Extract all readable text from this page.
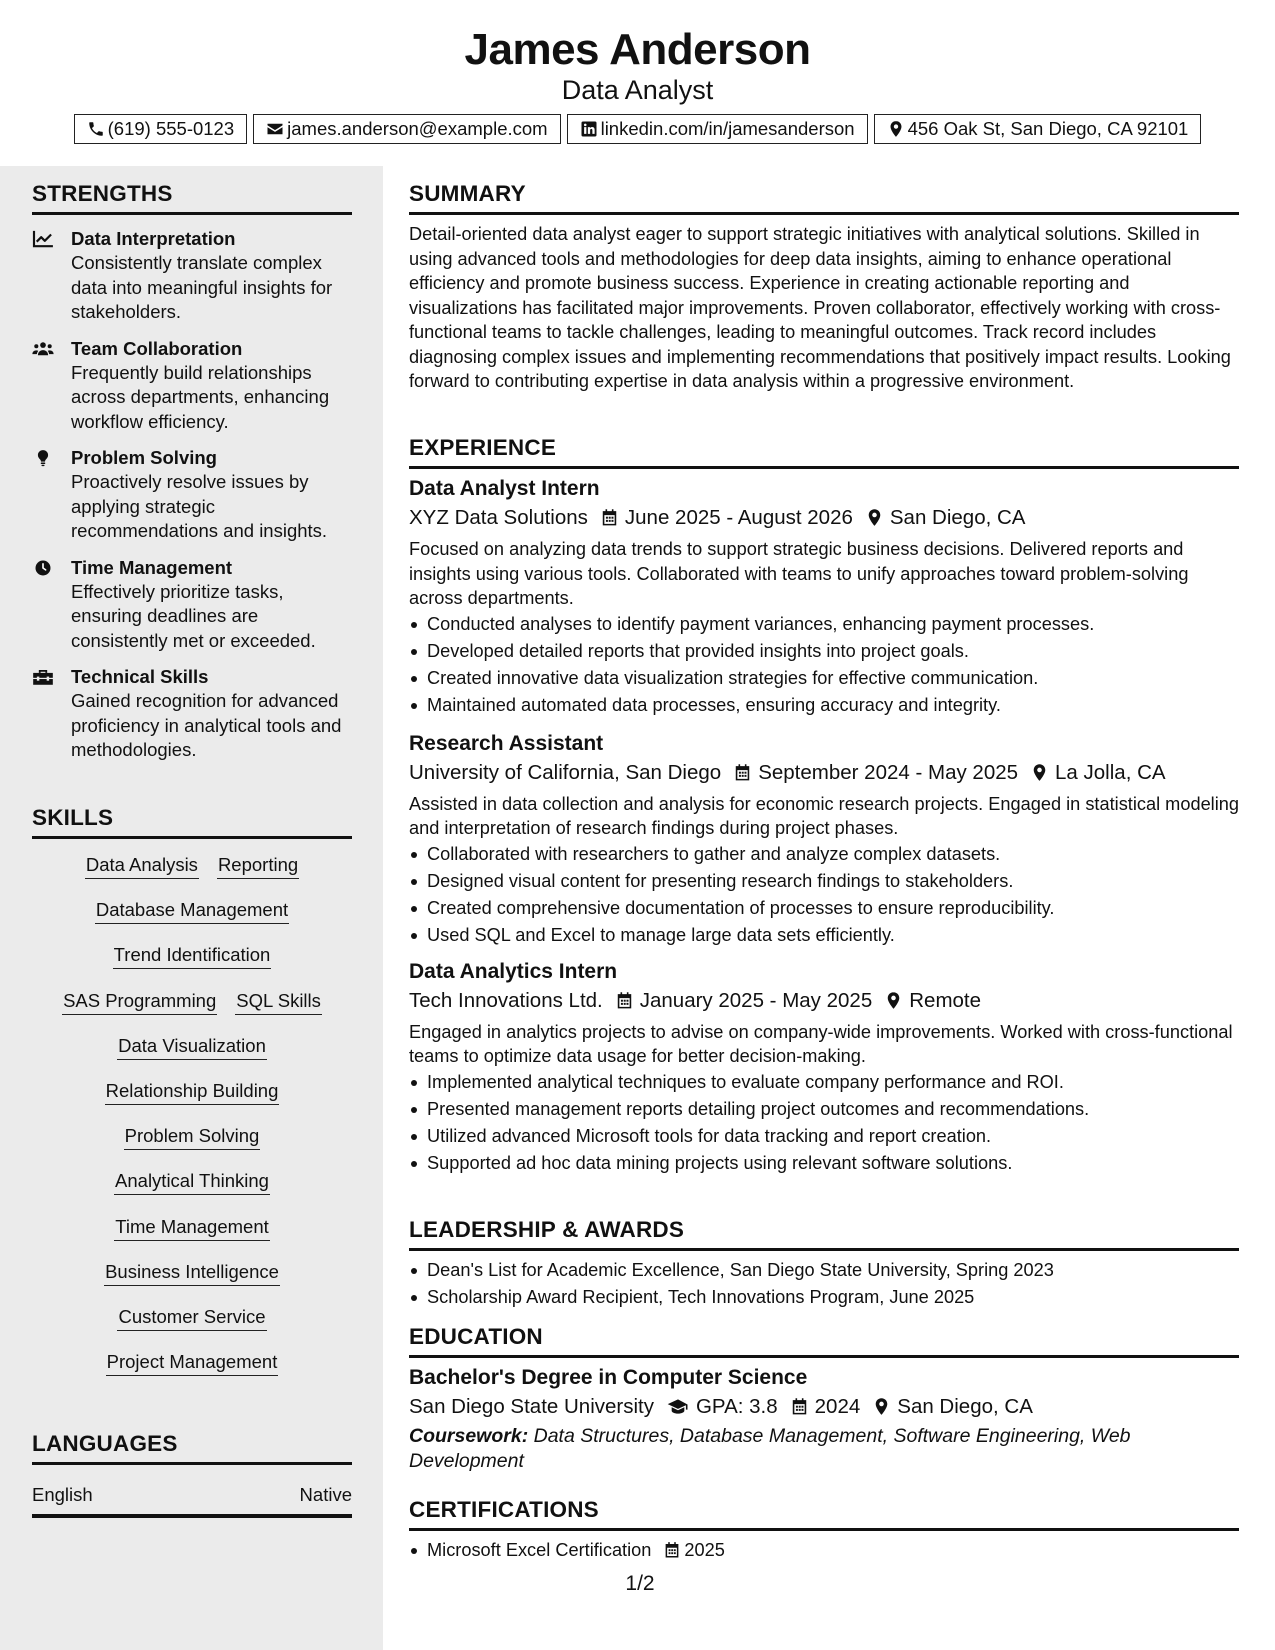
James Anderson
Data Analyst
(619) 555-0123	james.anderson@example.com	linkedin.com/in/jamesanderson	456 Oak St, San Diego, CA 92101
STRENGTHS
Data Interpretation
Consistently translate complex data into meaningful insights for stakeholders.
Team Collaboration
Frequently build relationships across departments, enhancing workflow efficiency.
Problem Solving
Proactively resolve issues by applying strategic recommendations and insights.
Time Management
Effectively prioritize tasks, ensuring deadlines are consistently met or exceeded.
Technical Skills
Gained recognition for advanced proficiency in analytical tools and methodologies.
SKILLS
Data Analysis Reporting
Database Management
Trend Identification
SAS Programming SQL Skills
Data Visualization
Relationship Building
Problem Solving
Analytical Thinking
Time Management
Business Intelligence
Customer Service
Project Management
LANGUAGES
English	Native
SUMMARY
Detail-oriented data analyst eager to support strategic initiatives with analytical solutions. Skilled in using advanced tools and methodologies for deep data insights, aiming to enhance operational efficiency and promote business success. Experience in creating actionable reporting and visualizations has facilitated major improvements. Proven collaborator, effectively working with cross-functional teams to tackle challenges, leading to meaningful outcomes. Track record includes diagnosing complex issues and implementing recommendations that positively impact results. Looking forward to contributing expertise in data analysis within a progressive environment.
EXPERIENCE
Data Analyst Intern
XYZ Data Solutions June 2025 - August 2026 San Diego, CA
Focused on analyzing data trends to support strategic business decisions. Delivered reports and insights using various tools. Collaborated with teams to unify approaches toward problem-solving across departments.
Conducted analyses to identify payment variances, enhancing payment processes.
Developed detailed reports that provided insights into project goals.
Created innovative data visualization strategies for effective communication.
Maintained automated data processes, ensuring accuracy and integrity.
Research Assistant
University of California, San Diego September 2024 - May 2025 La Jolla, CA
Assisted in data collection and analysis for economic research projects. Engaged in statistical modeling and interpretation of research findings during project phases.
Collaborated with researchers to gather and analyze complex datasets.
Designed visual content for presenting research findings to stakeholders.
Created comprehensive documentation of processes to ensure reproducibility.
Used SQL and Excel to manage large data sets efficiently.
Data Analytics Intern
Tech Innovations Ltd. January 2025 - May 2025 Remote
Engaged in analytics projects to advise on company-wide improvements. Worked with cross-functional teams to optimize data usage for better decision-making.
Implemented analytical techniques to evaluate company performance and ROI.
Presented management reports detailing project outcomes and recommendations.
Utilized advanced Microsoft tools for data tracking and report creation.
Supported ad hoc data mining projects using relevant software solutions.
LEADERSHIP & AWARDS
Dean's List for Academic Excellence, San Diego State University, Spring 2023
Scholarship Award Recipient, Tech Innovations Program, June 2025
EDUCATION
Bachelor's Degree in Computer Science
San Diego State University GPA: 3.8 2024 San Diego, CA
Coursework: Data Structures, Database Management, Software Engineering, Web Development
CERTIFICATIONS
Microsoft Excel Certification 2025
1/2
